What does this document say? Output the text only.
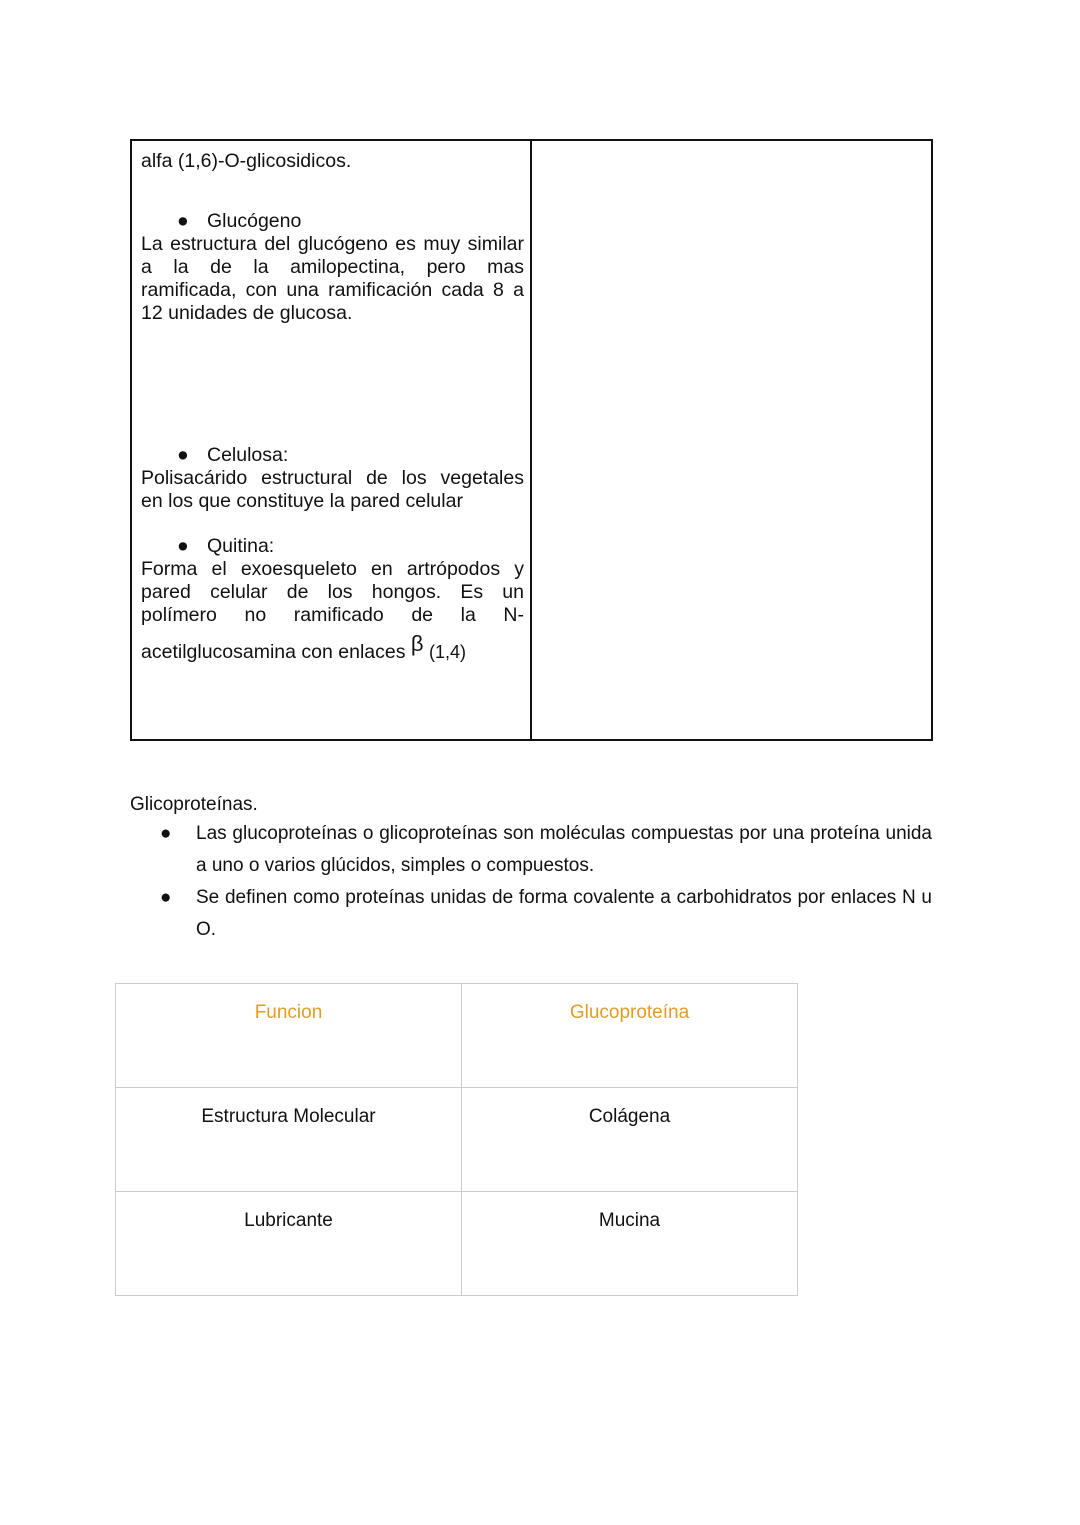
alfa (1,6)-O-glicosidicos.
● Glucógeno
La estructura del glucógeno es muy similar
a la de la amilopectina, pero mas
ramificada, con una ramificación cada 8 a
12 unidades de glucosa.
● Celulosa:
Polisacárido estructural de los vegetales
en los que constituye la pared celular
● Quitina:
Forma el exoesqueleto en artrópodos y
pared celular de los hongos. Es un
polímero no ramificado de la N-
acetilglucosamina con enlaces β (1,4)
Glicoproteínas.
●	Las glucoproteínas o glicoproteínas son moléculas compuestas por una proteína unida a uno o varios glúcidos, simples o compuestos.
●	Se definen como proteínas unidas de forma covalente a carbohidratos por enlaces N u O.
Funcion	Glucoproteína
Estructura Molecular	Colágena
Lubricante	Mucina
